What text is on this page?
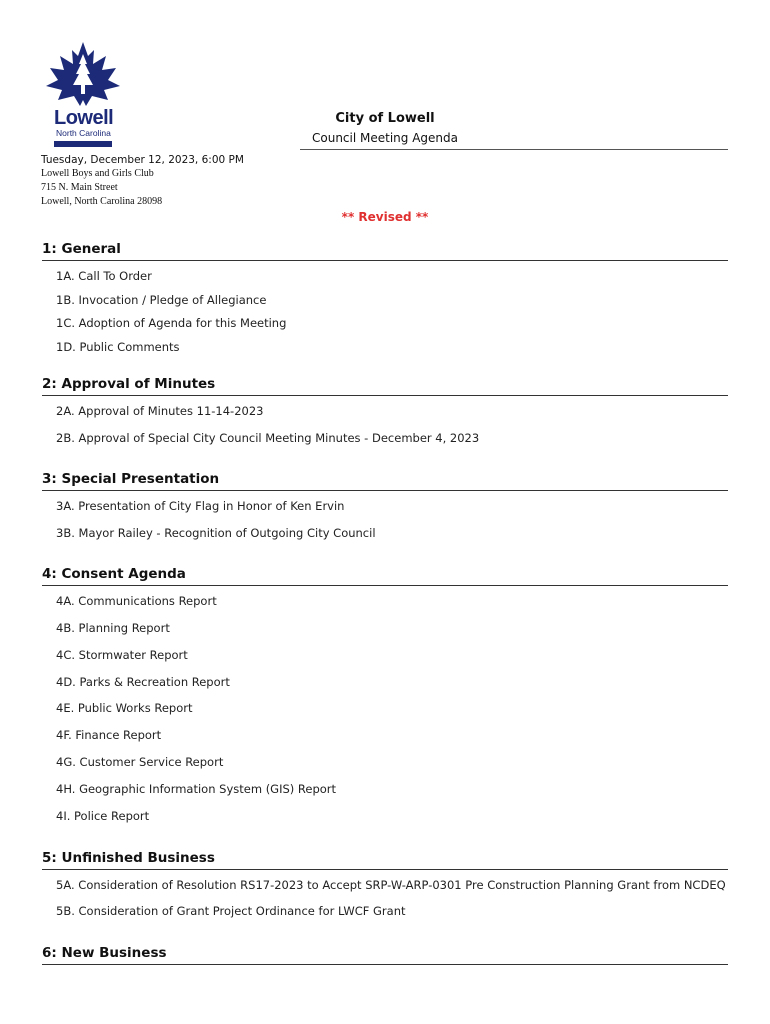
Lowell
North Carolina
City of Lowell
Council Meeting Agenda
Tuesday, December 12, 2023, 6:00 PM
Lowell Boys and Girls Club
715 N. Main Street
Lowell, North Carolina 28098
** Revised **
1: General
1A. Call To Order
1B. Invocation / Pledge of Allegiance
1C. Adoption of Agenda for this Meeting
1D. Public Comments
2: Approval of Minutes
2A. Approval of Minutes 11-14-2023
2B. Approval of Special City Council Meeting Minutes - December 4, 2023
3: Special Presentation
3A. Presentation of City Flag in Honor of Ken Ervin
3B. Mayor Railey - Recognition of Outgoing City Council
4: Consent Agenda
4A. Communications Report
4B. Planning Report
4C. Stormwater Report
4D. Parks & Recreation Report
4E. Public Works Report
4F. Finance Report
4G. Customer Service Report
4H. Geographic Information System (GIS) Report
4I. Police Report
5: Unfinished Business
5A. Consideration of Resolution RS17-2023 to Accept SRP-W-ARP-0301 Pre Construction Planning Grant from NCDEQ
5B. Consideration of Grant Project Ordinance for LWCF Grant
6: New Business
